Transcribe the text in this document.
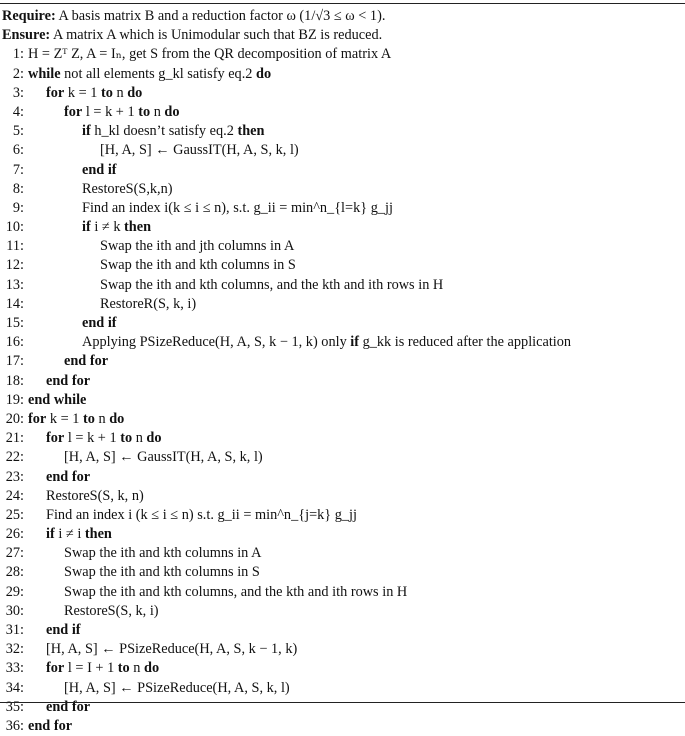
Require: A basis matrix B and a reduction factor ω (1/√3 ≤ ω < 1).
Ensure: A matrix A which is Unimodular such that BZ is reduced.
1: H = Zᵀ Z, A = Iₙ, get S from the QR decomposition of matrix A
2: while not all elements g_kl satisfy eq.2 do
3: for k = 1 to n do
4:	for l = k + 1 to n do
5:	if h_kl doesn’t satisfy eq.2 then
6:	[H, A, S] ← GaussIT(H, A, S, k, l)
7:	end if
8:	RestoreS(S,k,n)
9:	Find an index i(k ≤ i ≤ n), s.t. g_ii = min^n_{l=k} g_jj
10:	if i ≠ k then
11:	Swap the ith and jth columns in A
12:	Swap the ith and kth columns in S
13:	Swap the ith and kth columns, and the kth and ith rows in H
14:	RestoreR(S, k, i)
15:	end if
16:	Applying PSizeReduce(H, A, S, k − 1, k) only if g_kk is reduced after the application
17:	end for
18: end for
19: end while
20: for k = 1 to n do
21: for l = k + 1 to n do
22:	[H, A, S] ← GaussIT(H, A, S, k, l)
23: end for
24: RestoreS(S, k, n)
25: Find an index i (k ≤ i ≤ n) s.t. g_ii = min^n_{j=k} g_jj
26: if i ≠ i then
27:	Swap the ith and kth columns in A
28:	Swap the ith and kth columns in S
29:	Swap the ith and kth columns, and the kth and ith rows in H
30:	RestoreS(S, k, i)
31: end if
32: [H, A, S] ← PSizeReduce(H, A, S, k − 1, k)
33: for l = I + 1 to n do
34:	[H, A, S] ← PSizeReduce(H, A, S, k, l)
35: end for
36: end for
